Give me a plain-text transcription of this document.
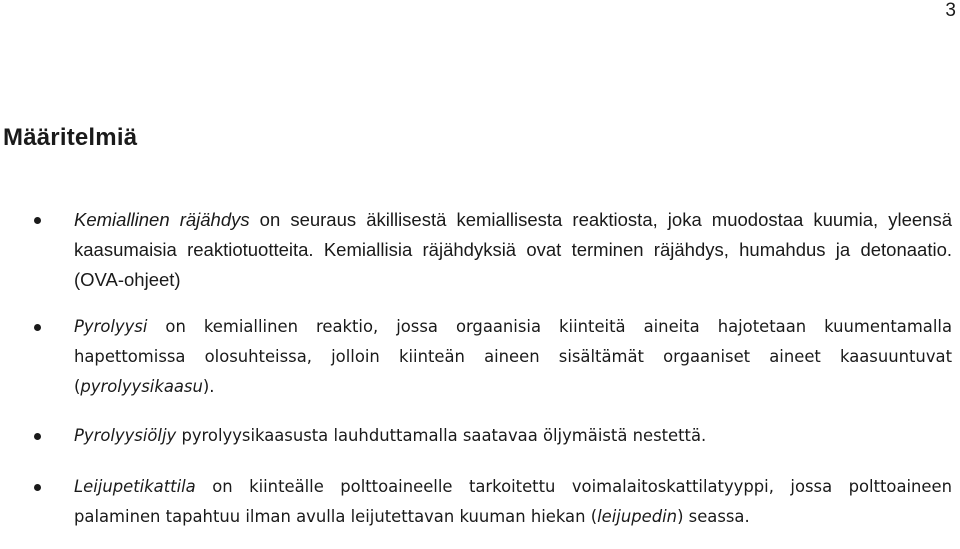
3
Määritelmiä
Kemiallinen räjähdys on seuraus äkillisestä kemiallisesta reaktiosta, joka muodostaa kuumia, yleensä kaasumaisia reaktiotuotteita. Kemiallisia räjähdyksiä ovat terminen räjähdys, humahdus ja detonaatio. (OVA-ohjeet)
Pyrolyysi on kemiallinen reaktio, jossa orgaanisia kiinteitä aineita hajotetaan kuumentamalla hapettomissa olosuhteissa, jolloin kiinteän aineen sisältämät orgaaniset aineet kaasuuntuvat (pyrolyysikaasu).
Pyrolyysiöljy pyrolyysikaasusta lauhduttamalla saatavaa öljymäistä nestettä.
Leijupetikattila on kiinteälle polttoaineelle tarkoitettu voimalaitoskattilatyyppi, jossa polttoaineen palaminen tapahtuu ilman avulla leijutettavan kuuman hiekan (leijupedin) seassa.
